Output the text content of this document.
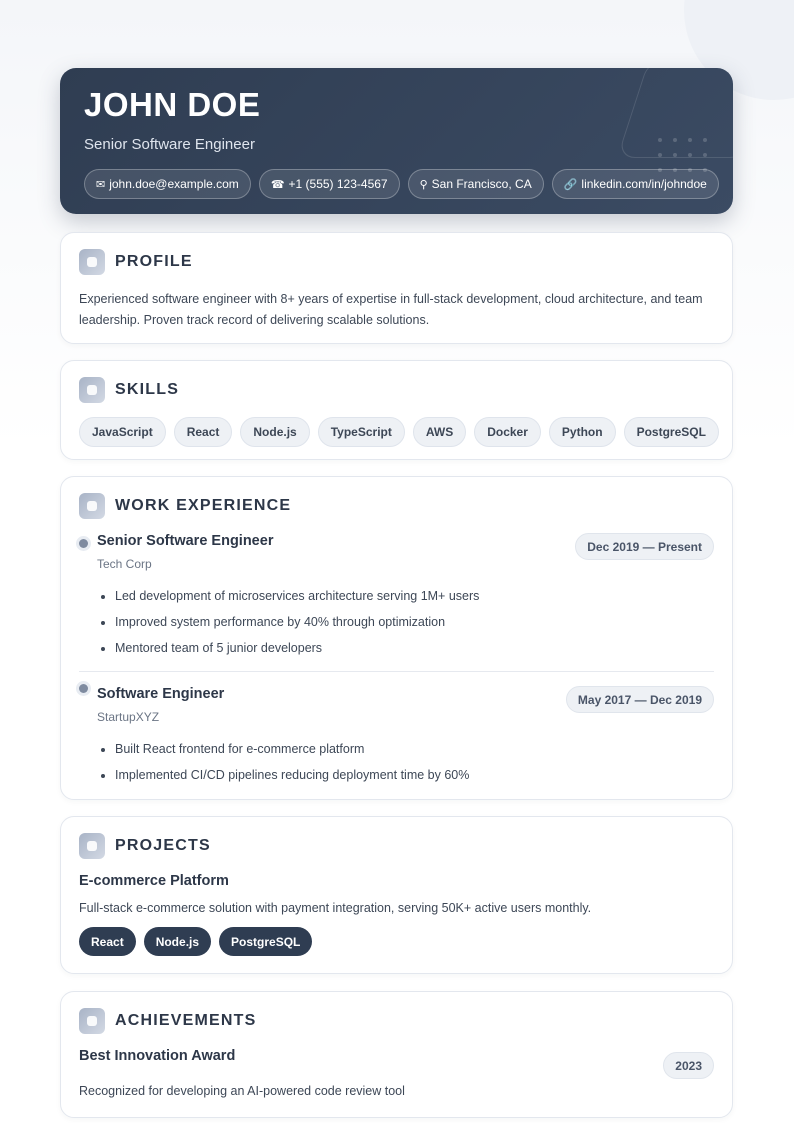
JOHN DOE
Senior Software Engineer
✉ john.doe@example.com	☎ +1 (555) 123-4567	⚲ San Francisco, CA	🔗 linkedin.com/in/johndoe
PROFILE

Experienced software engineer with 8+ years of expertise in full-stack development, cloud architecture, and team leadership. Proven track record of delivering scalable solutions.

SKILLS
JavaScript	React	Node.js	TypeScript	AWS	Docker	Python	PostgreSQL
WORK EXPERIENCE
Senior Software Engineer	Dec 2019 — Present
Tech Corp
• Led development of microservices architecture serving 1M+ users
• Improved system performance by 40% through optimization
• Mentored team of 5 junior developers
Software Engineer	May 2017 — Dec 2019
StartupXYZ
• Built React frontend for e-commerce platform
• Implemented CI/CD pipelines reducing deployment time by 60%
PROJECTS
E-commerce Platform
Full-stack e-commerce solution with payment integration, serving 50K+ active users monthly.
React	Node.js	PostgreSQL
ACHIEVEMENTS
Best Innovation Award
2023
Recognized for developing an AI-powered code review tool
